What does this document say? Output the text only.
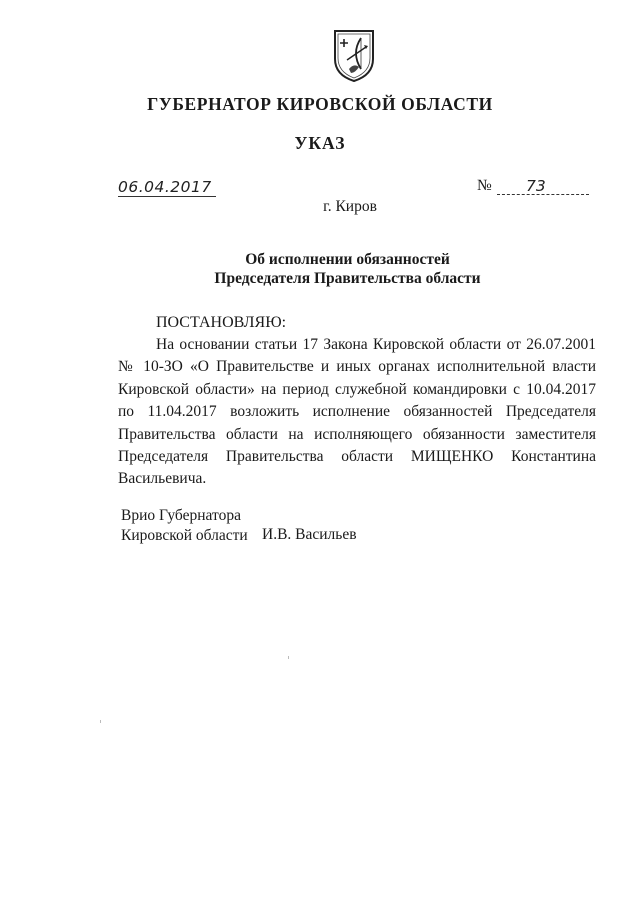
ГУБЕРНАТОР КИРОВСКОЙ ОБЛАСТИ
УКАЗ
06.04.2017	№ 73
г. Киров
Об исполнении обязанностей
Председателя Правительства области
ПОСТАНОВЛЯЮ:

На основании статьи 17 Закона Кировской области от 26.07.2001 № 10-ЗО «О Правительстве и иных органах исполнительной власти Кировской области» на период служебной командировки с 10.04.2017 по 11.04.2017 возложить исполнение обязанностей Председателя Правительства области на исполняющего обязанности заместителя Председателя Правительства области МИЩЕНКО Константина Васильевича.

Врио Губернатора
Кировской области И.В. Васильев
